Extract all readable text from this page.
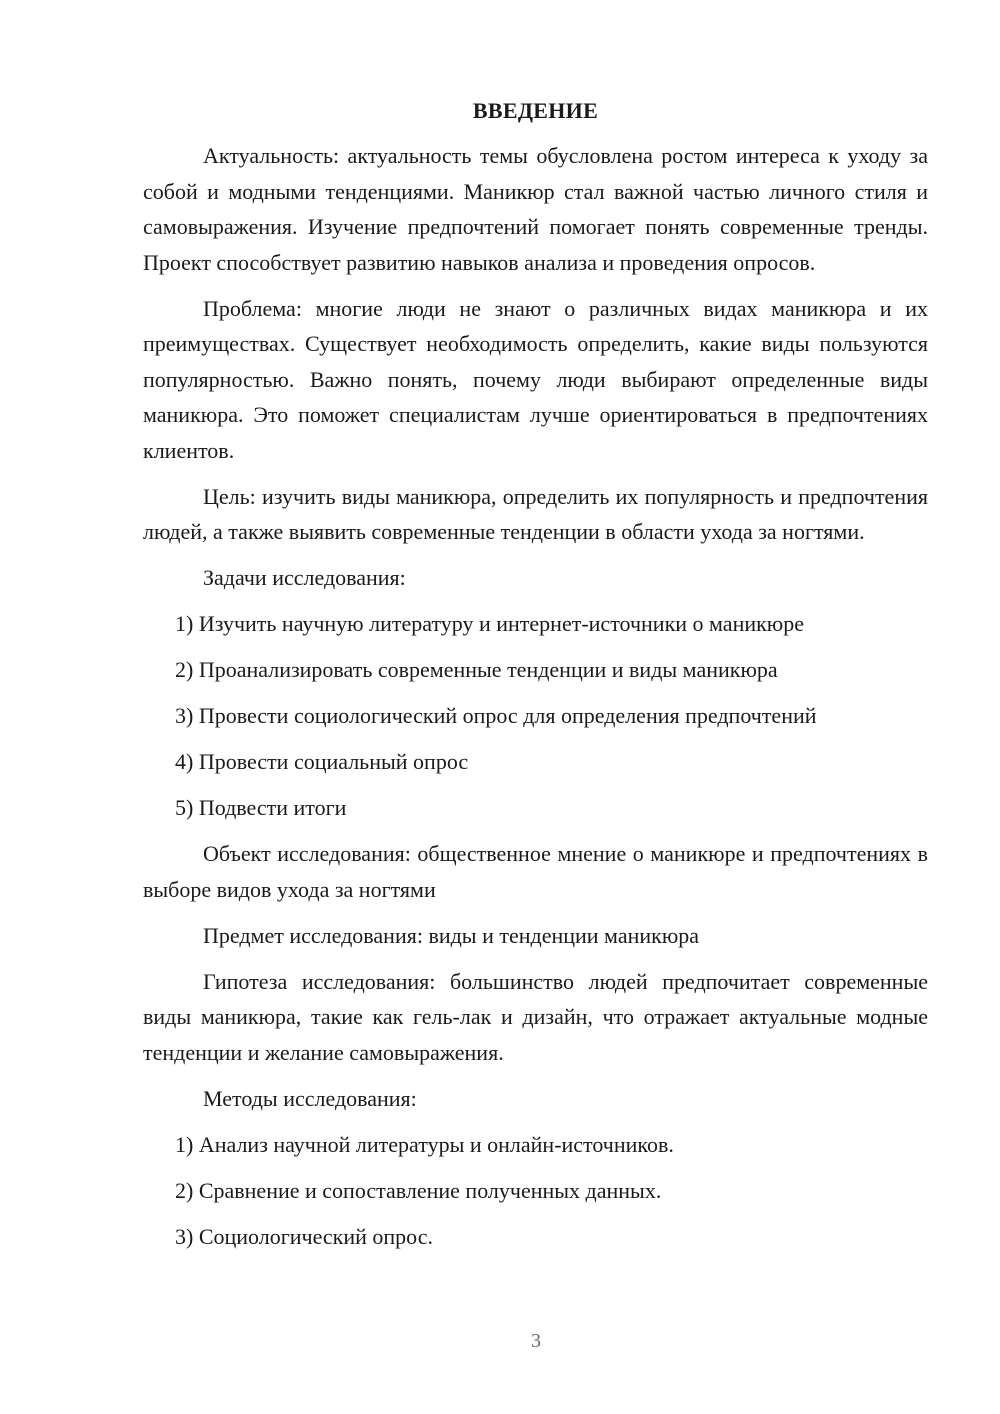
ВВЕДЕНИЕ

Актуальность: актуальность темы обусловлена ростом интереса к уходу за собой и модными тенденциями. Маникюр стал важной частью личного стиля и самовыражения. Изучение предпочтений помогает понять современные тренды. Проект способствует развитию навыков анализа и проведения опросов.

Проблема: многие люди не знают о различных видах маникюра и их преимуществах. Существует необходимость определить, какие виды пользуются популярностью. Важно понять, почему люди выбирают определенные виды маникюра. Это поможет специалистам лучше ориентироваться в предпочтениях клиентов.

Цель: изучить виды маникюра, определить их популярность и предпочтения людей, а также выявить современные тенденции в области ухода за ногтями.

Задачи исследования:

1) Изучить научную литературу и интернет-источники о маникюре

2) Проанализировать современные тенденции и виды маникюра

3) Провести социологический опрос для определения предпочтений

4) Провести социальный опрос

5) Подвести итоги

Объект исследования: общественное мнение о маникюре и предпочтениях в выборе видов ухода за ногтями

Предмет исследования: виды и тенденции маникюра

Гипотеза исследования: большинство людей предпочитает современные виды маникюра, такие как гель-лак и дизайн, что отражает актуальные модные тенденции и желание самовыражения.

Методы исследования:

1) Анализ научной литературы и онлайн-источников.

2) Сравнение и сопоставление полученных данных.

3) Социологический опрос.

3
